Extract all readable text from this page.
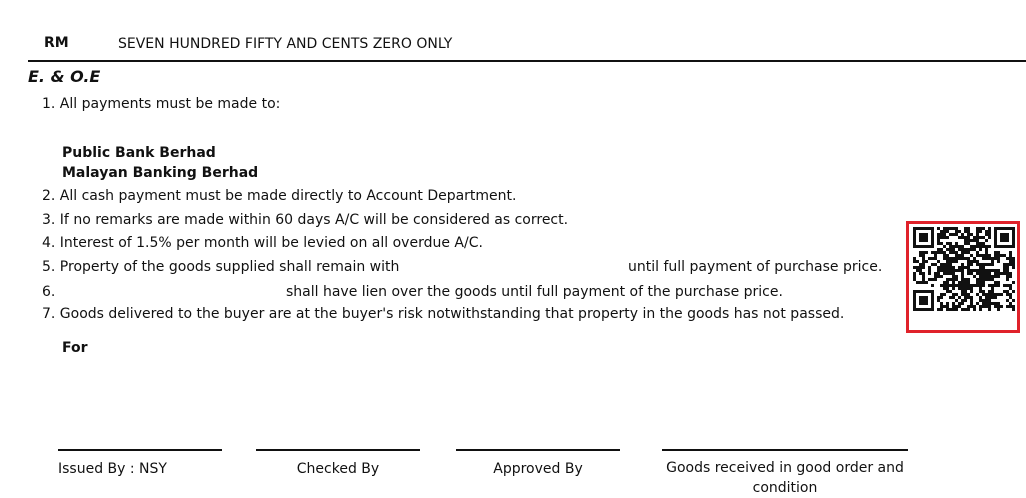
RM	SEVEN HUNDRED FIFTY AND CENTS ZERO ONLY
E. & O.E
1. All payments must be made to:
Public Bank Berhad
Malayan Banking Berhad
2. All cash payment must be made directly to Account Department.
3. If no remarks are made within 60 days A/C will be considered as correct.
4. Interest of 1.5% per month will be levied on all overdue A/C.
5. Property of the goods supplied shall remain with	until full payment of purchase price.
6.	shall have lien over the goods until full payment of the purchase price.
7. Goods delivered to the buyer are at the buyer's risk notwithstanding that property in the goods has not passed.
For
Issued By : NSY	Checked By	Approved By	Goods received in good order and condition
